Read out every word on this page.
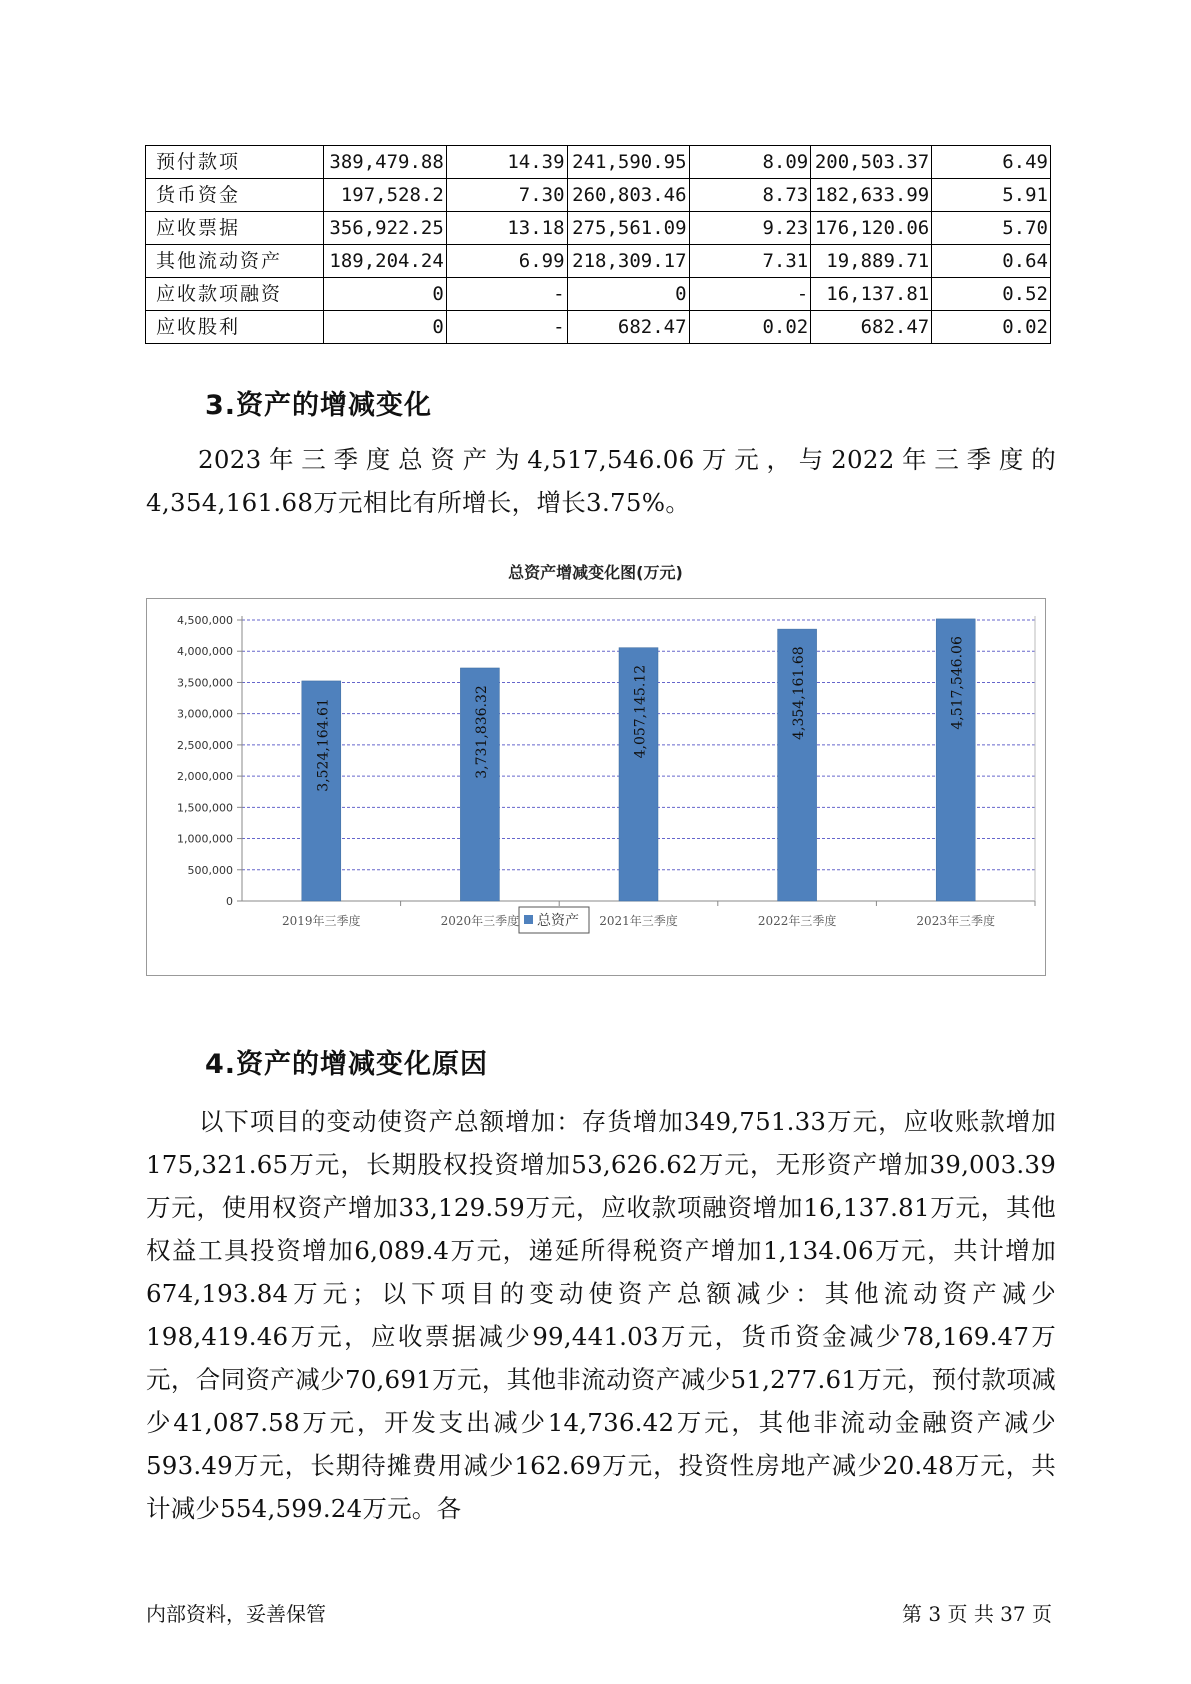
预付款项	389,479.88	14.39	241,590.95	8.09	200,503.37	6.49
货币资金	197,528.2	7.30	260,803.46	8.73	182,633.99	5.91
应收票据	356,922.25	13.18	275,561.09	9.23	176,120.06	5.70
其他流动资产	189,204.24	6.99	218,309.17	7.31	19,889.71	0.64
应收款项融资	0	-	0	-	16,137.81	0.52
应收股利	0	-	682.47	0.02	682.47	0.02
3.资产的增减变化

2023年三季度总资产为4,517,546.06万元，与2022年三季度的4,354,161.68万元相比有所增长，增长3.75%。

总资产增减变化图(万元)
0
500,000
1,000,000
1,500,000
2,000,000
2,500,000
3,000,000
3,500,000
4,000,000
4,500,000
3,524,164.61
2019年三季度
3,731,836.32
2020年三季度
4,057,145.12
2021年三季度
4,354,161.68
2022年三季度
4,517,546.06
2023年三季度
总资产
4.资产的增减变化原因

以下项目的变动使资产总额增加：存货增加349,751.33万元，应收账款增加175,321.65万元，长期股权投资增加53,626.62万元，无形资产增加39,003.39万元，使用权资产增加33,129.59万元，应收款项融资增加16,137.81万元，其他权益工具投资增加6,089.4万元，递延所得税资产增加1,134.06万元，共计增加674,193.84万元；以下项目的变动使资产总额减少：其他流动资产减少198,419.46万元，应收票据减少99,441.03万元，货币资金减少78,169.47万元，合同资产减少70,691万元，其他非流动资产减少51,277.61万元，预付款项减少41,087.58万元，开发支出减少14,736.42万元，其他非流动金融资产减少593.49万元，长期待摊费用减少162.69万元，投资性房地产减少20.48万元，共计减少554,599.24万元。各

内部资料，妥善保管	第 3 页 共 37 页
